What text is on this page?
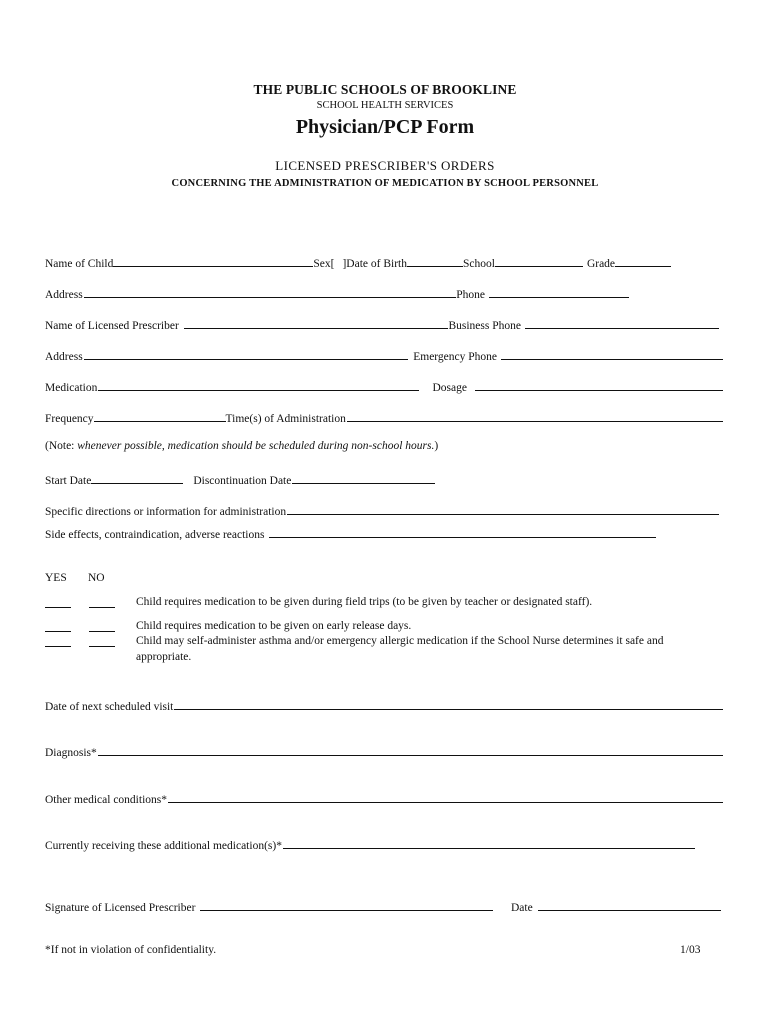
THE PUBLIC SCHOOLS OF BROOKLINE
SCHOOL HEALTH SERVICES
Physician/PCP Form
LICENSED PRESCRIBER'S ORDERS
CONCERNING THE ADMINISTRATION OF MEDICATION BY SCHOOL PERSONNEL
Name of Child	Sex[ ] Date of Birth	School	Grade
Address	Phone
Name of Licensed Prescriber	Business Phone
Address	Emergency Phone
Medication	Dosage
Frequency	Time(s) of Administration
(Note: whenever possible, medication should be scheduled during non-school hours.)
Start Date	Discontinuation Date
Specific directions or information for administration
Side effects, contraindication, adverse reactions
YES NO

Child requires medication to be given during field trips (to be given by teacher or designated staff).

Child requires medication to be given on early release days.

Child may self-administer asthma and/or emergency allergic medication if the School Nurse determines it safe and
appropriate.
Date of next scheduled visit
Diagnosis*
Other medical conditions*
Currently receiving these additional medication(s)*
Signature of Licensed Prescriber	Date
*If not in violation of confidentiality.	1/03
